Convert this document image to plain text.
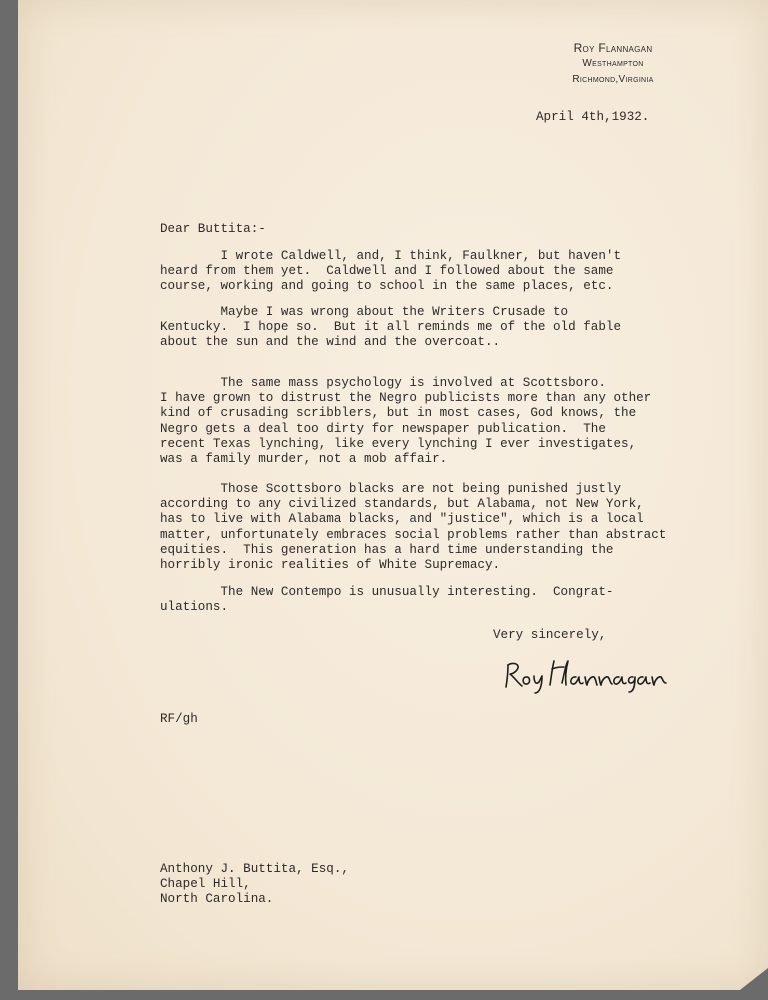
Roy Flannagan
Westhampton
Richmond,Virginia
April 4th,1932.
Dear Buttita:-
I wrote Caldwell, and, I think, Faulkner, but haven't
heard from them yet.  Caldwell and I followed about the same
course, working and going to school in the same places, etc.
Maybe I was wrong about the Writers Crusade to
Kentucky.  I hope so.  But it all reminds me of the old fable
about the sun and the wind and the overcoat..
The same mass psychology is involved at Scottsboro.
I have grown to distrust the Negro publicists more than any other
kind of crusading scribblers, but in most cases, God knows, the
Negro gets a deal too dirty for newspaper publication.  The
recent Texas lynching, like every lynching I ever investigates,
was a family murder, not a mob affair.
Those Scottsboro blacks are not being punished justly
according to any civilized standards, but Alabama, not New York,
has to live with Alabama blacks, and "justice", which is a local
matter, unfortunately embraces social problems rather than abstract
equities.  This generation has a hard time understanding the
horribly ironic realities of White Supremacy.
The New Contempo is unusually interesting.  Congrat-
ulations.
Very sincerely,
RF/gh
Anthony J. Buttita, Esq.,
Chapel Hill,
North Carolina.
